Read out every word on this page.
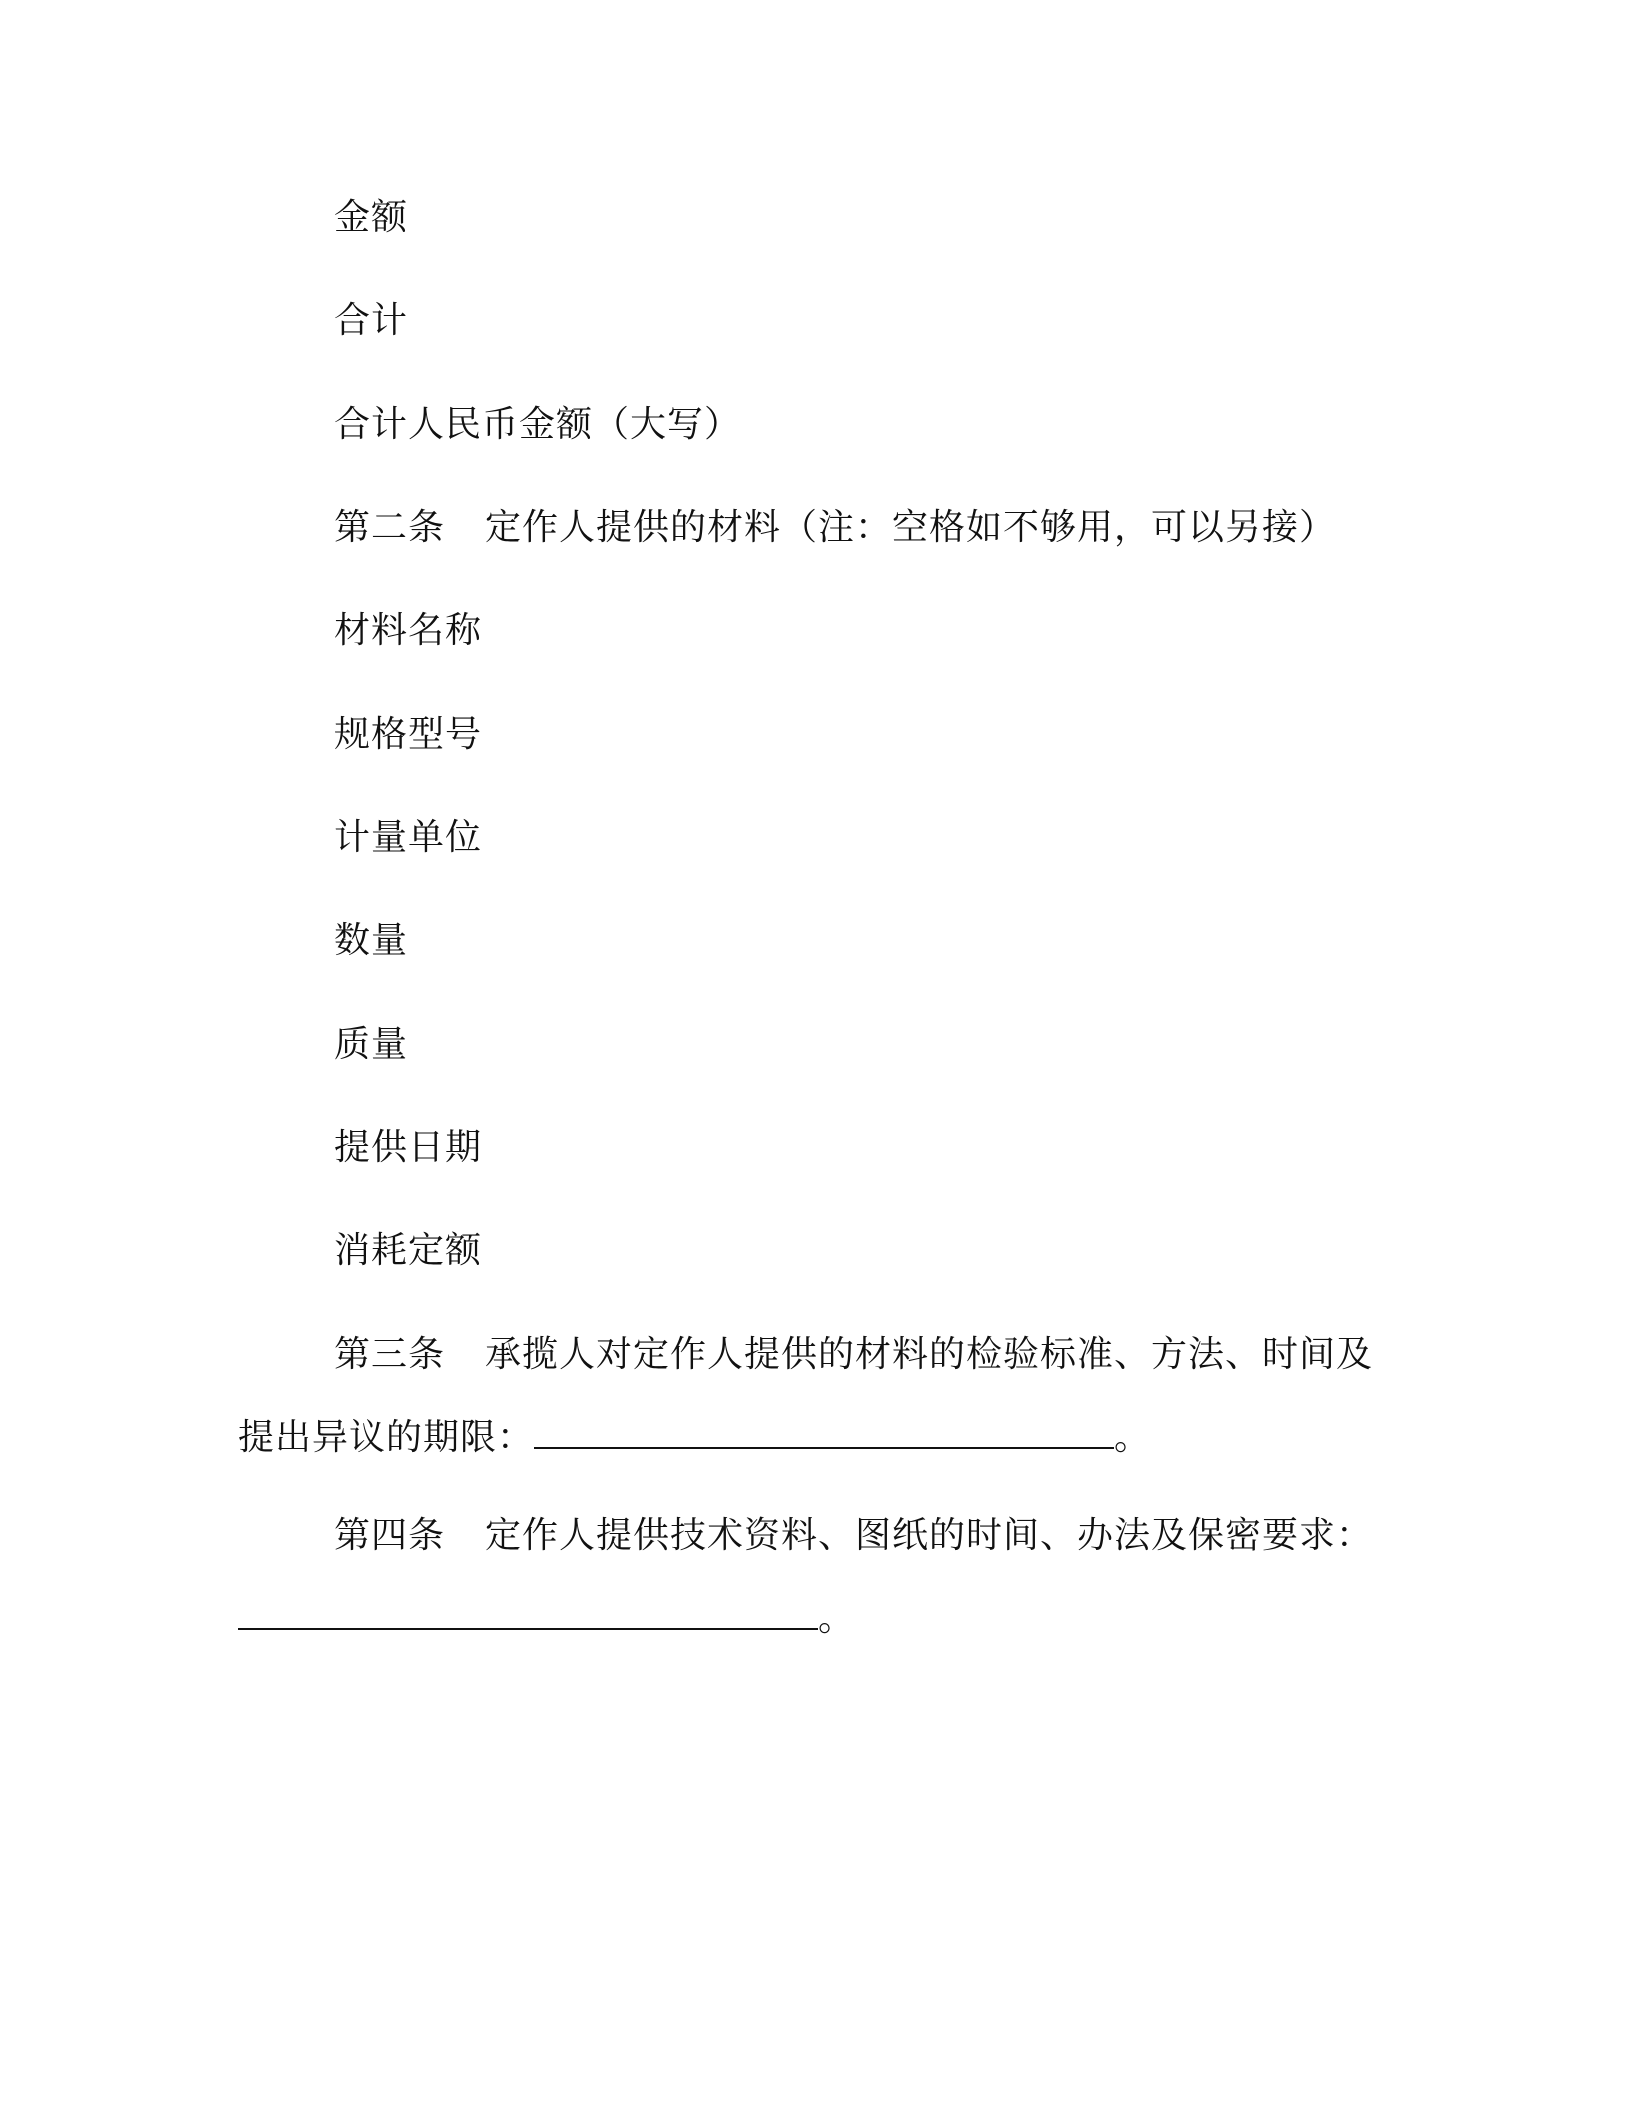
金额
合计
合计人民币金额（大写）
第二条 定作人提供的材料（注：空格如不够用，可以另接）
材料名称
规格型号
计量单位
数量
质量
提供日期
消耗定额
第三条 承揽人对定作人提供的材料的检验标准、方法、时间及
提出异议的期限：	。
第四条 定作人提供技术资料、图纸的时间、办法及保密要求：
。
